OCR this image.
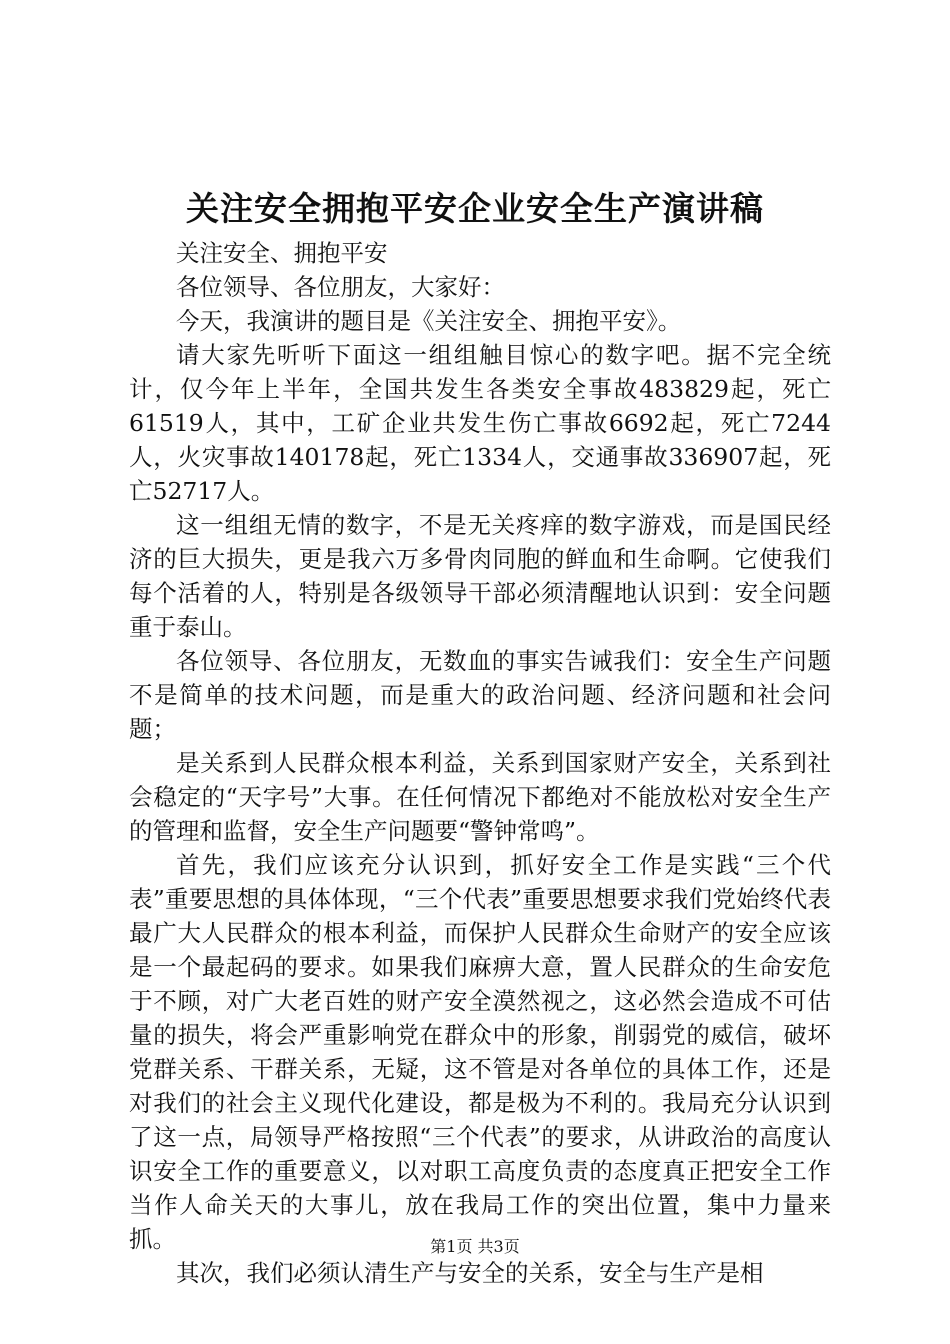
关注安全拥抱平安企业安全生产演讲稿

关注安全、拥抱平安

各位领导、各位朋友，大家好：

今天，我演讲的题目是《关注安全、拥抱平安》。

请大家先听听下面这一组组触目惊心的数字吧。据不完全统计，仅今年上半年，全国共发生各类安全事故483829起，死亡61519人，其中，工矿企业共发生伤亡事故6692起，死亡7244人，火灾事故140178起，死亡1334人，交通事故336907起，死亡52717人。

这一组组无情的数字，不是无关疼痒的数字游戏，而是国民经济的巨大损失，更是我六万多骨肉同胞的鲜血和生命啊。它使我们每个活着的人，特别是各级领导干部必须清醒地认识到：安全问题重于泰山。

各位领导、各位朋友，无数血的事实告诫我们：安全生产问题不是简单的技术问题，而是重大的政治问题、经济问题和社会问题；

是关系到人民群众根本利益，关系到国家财产安全，关系到社会稳定的“天字号”大事。在任何情况下都绝对不能放松对安全生产的管理和监督，安全生产问题要“警钟常鸣”。

首先，我们应该充分认识到，抓好安全工作是实践“三个代表”重要思想的具体体现，“三个代表”重要思想要求我们党始终代表最广大人民群众的根本利益，而保护人民群众生命财产的安全应该是一个最起码的要求。如果我们麻痹大意，置人民群众的生命安危于不顾，对广大老百姓的财产安全漠然视之，这必然会造成不可估量的损失，将会严重影响党在群众中的形象，削弱党的威信，破坏党群关系、干群关系，无疑，这不管是对各单位的具体工作，还是对我们的社会主义现代化建设，都是极为不利的。我局充分认识到了这一点，局领导严格按照“三个代表”的要求，从讲政治的高度认识安全工作的重要意义，以对职工高度负责的态度真正把安全工作当作人命关天的大事儿，放在我局工作的突出位置，集中力量来抓。

其次，我们必须认清生产与安全的关系，安全与生产是相

第1页 共3页
